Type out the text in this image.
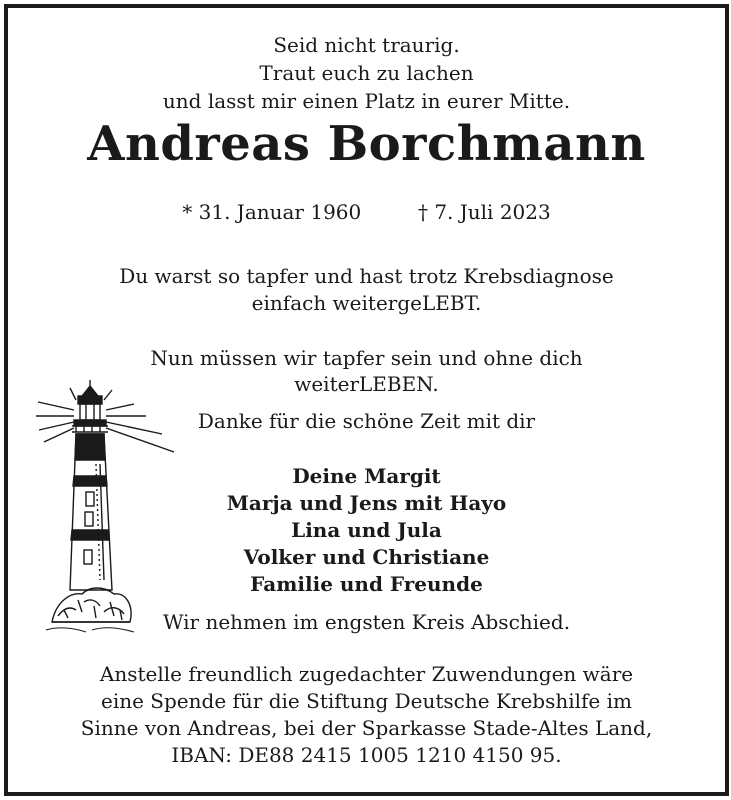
Seid nicht traurig.
Traut euch zu lachen
und lasst mir einen Platz in eurer Mitte.
Andreas Borchmann
* 31. Januar 1960	† 7. Juli 2023
Du warst so tapfer und hast trotz Krebsdiagnose
einfach weitergeLEBT.
Nun müssen wir tapfer sein und ohne dich
weiterLEBEN.
Danke für die schöne Zeit mit dir
Deine Margit
Marja und Jens mit Hayo
Lina und Jula
Volker und Christiane
Familie und Freunde
Wir nehmen im engsten Kreis Abschied.
Anstelle freundlich zugedachter Zuwendungen wäre
eine Spende für die Stiftung Deutsche Krebshilfe im
Sinne von Andreas, bei der Sparkasse Stade-Altes Land,
IBAN: DE88 2415 1005 1210 4150 95.
